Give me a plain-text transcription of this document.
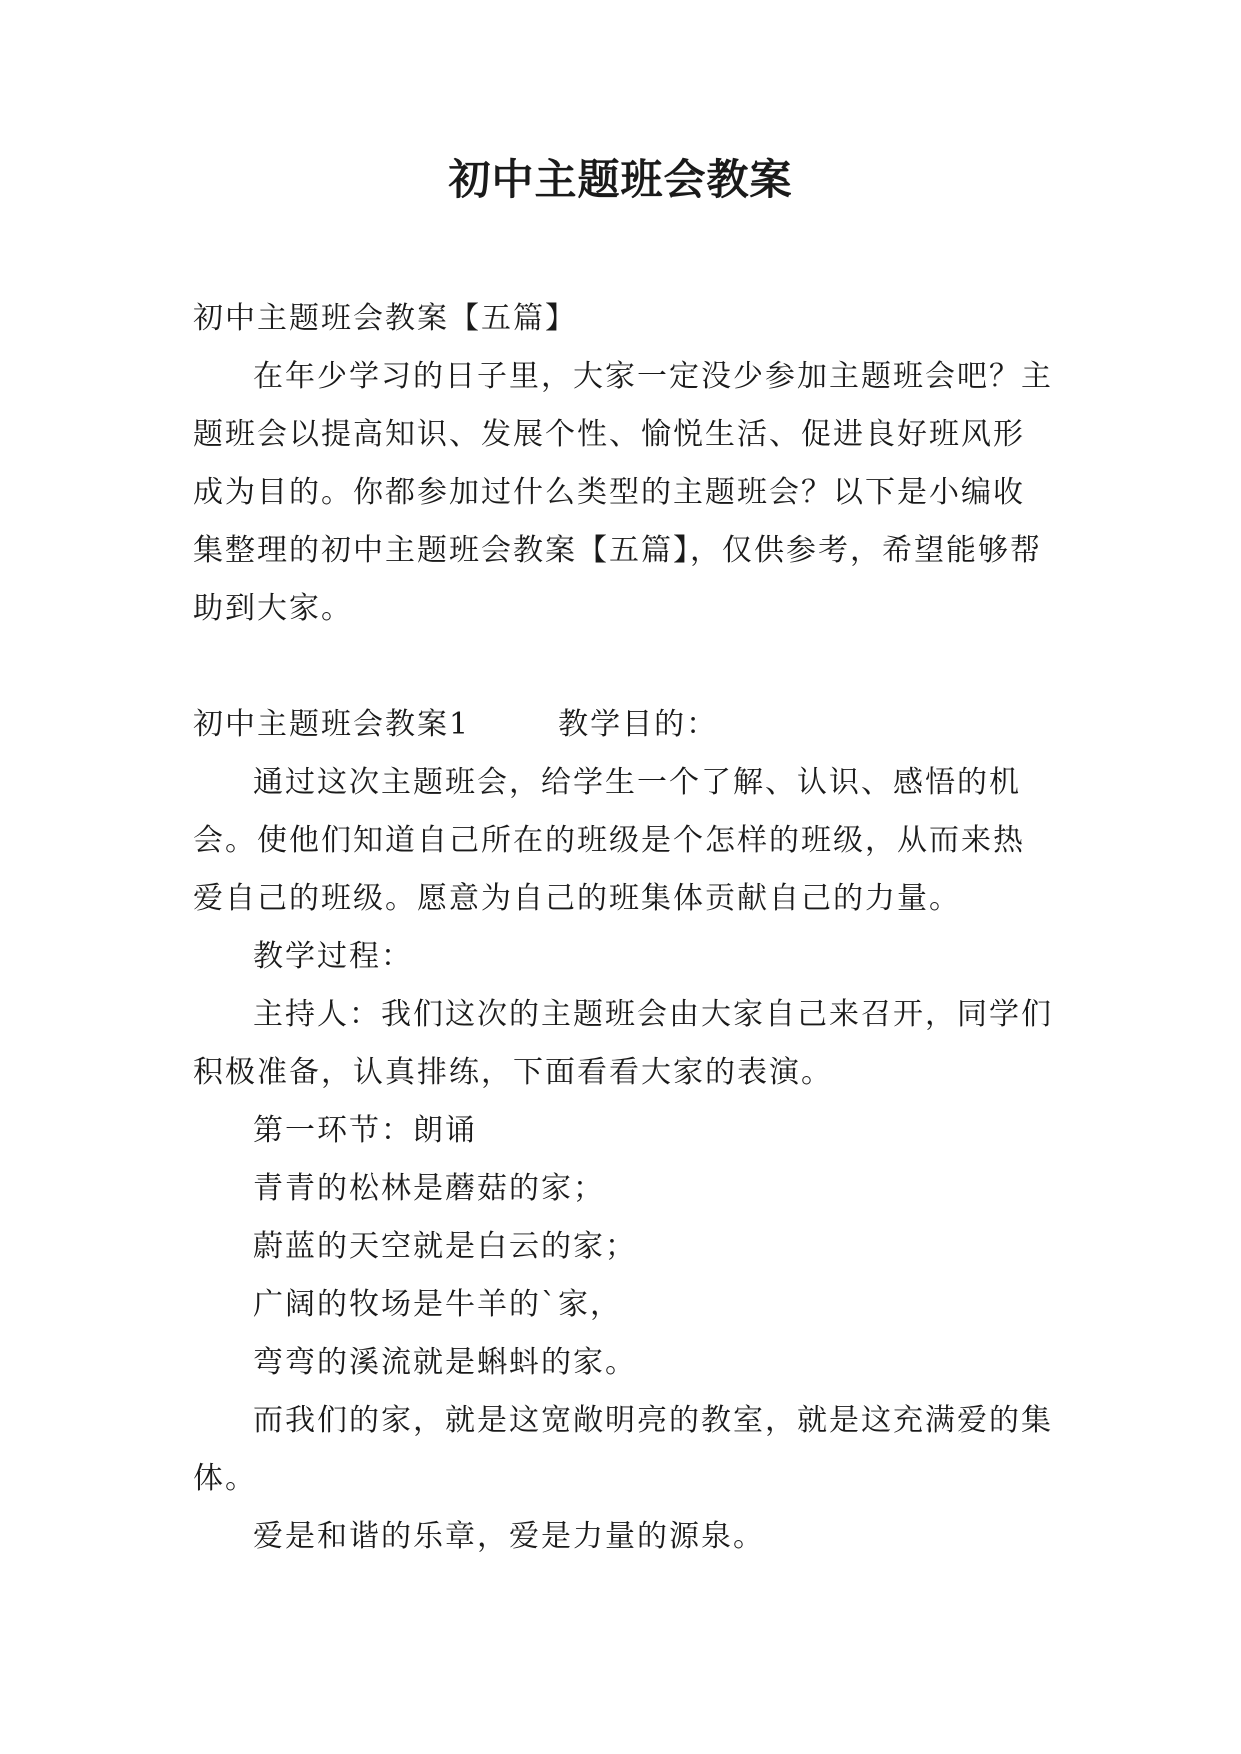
初中主题班会教案

初中主题班会教案【五篇】

在年少学习的日子里，大家一定没少参加主题班会吧？主题班会以提高知识、发展个性、愉悦生活、促进良好班风形成为目的。你都参加过什么类型的主题班会？以下是小编收集整理的初中主题班会教案【五篇】，仅供参考，希望能够帮助到大家。

初中主题班会教案1	教学目的：

通过这次主题班会，给学生一个了解、认识、感悟的机会。使他们知道自己所在的班级是个怎样的班级，从而来热爱自己的班级。愿意为自己的班集体贡献自己的力量。

教学过程：

主持人：我们这次的主题班会由大家自己来召开，同学们积极准备，认真排练，下面看看大家的表演。

第一环节：朗诵

青青的松林是蘑菇的家；

蔚蓝的天空就是白云的家；

广阔的牧场是牛羊的`家，

弯弯的溪流就是蝌蚪的家。

而我们的家，就是这宽敞明亮的教室，就是这充满爱的集体。

爱是和谐的乐章，爱是力量的源泉。
